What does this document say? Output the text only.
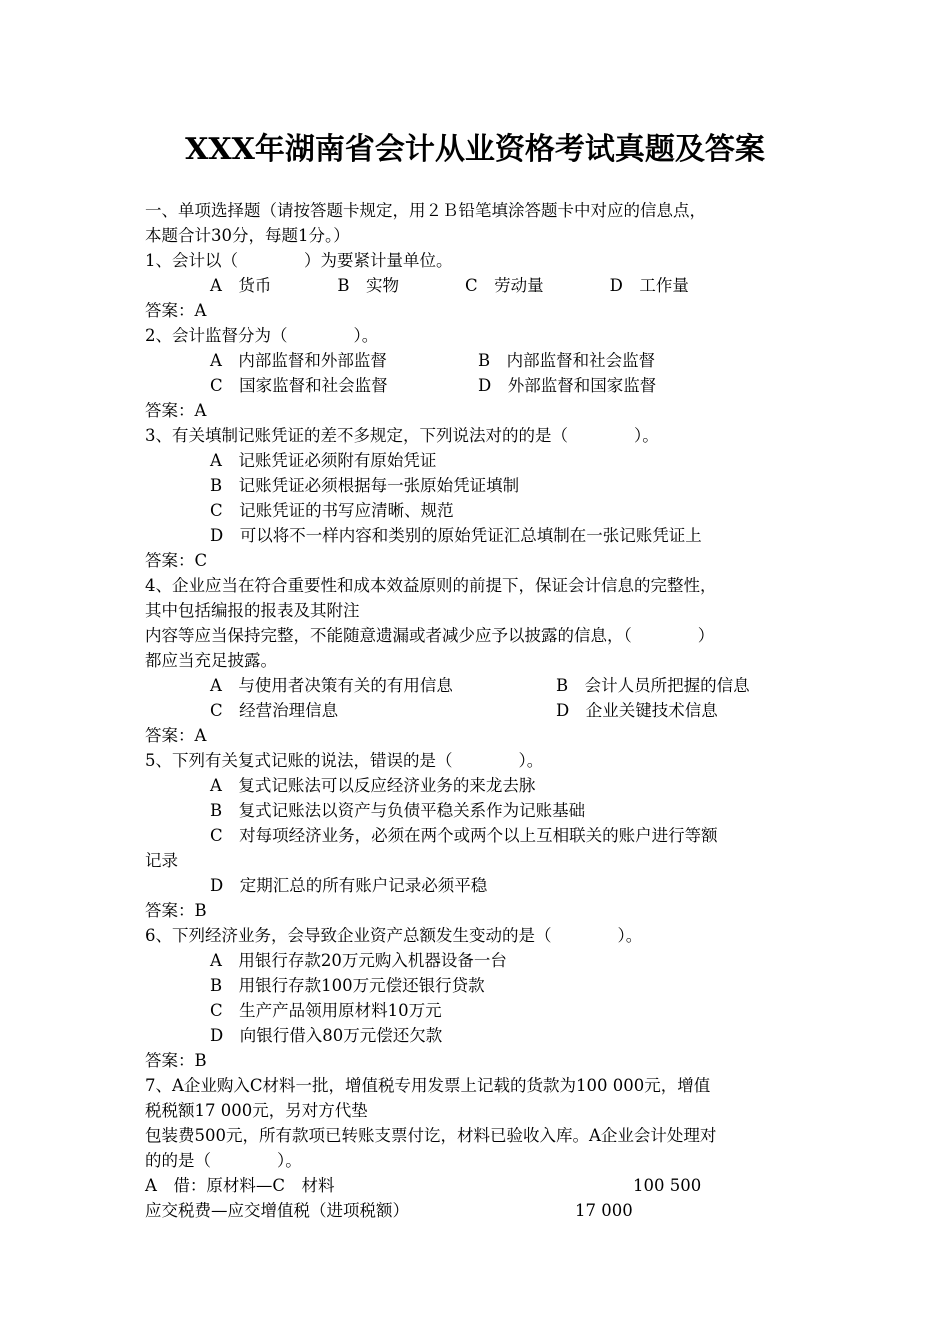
XXX年湖南省会计从业资格考试真题及答案
一、单项选择题（请按答题卡规定，用２Ｂ铅笔填涂答题卡中对应的信息点，
本题合计30分，每题1分。）
1、会计以（　　　　）为要紧计量单位。
A　货币　　　　B　实物　　　　C　劳动量　　　　D　工作量
答案：A
2、会计监督分为（　　　　）。
A　内部监督和外部监督	B　内部监督和社会监督
C　国家监督和社会监督	D　外部监督和国家监督
答案：A
3、有关填制记账凭证的差不多规定，下列说法对的的是（　　　　）。
A　记账凭证必须附有原始凭证
B　记账凭证必须根据每一张原始凭证填制
C　记账凭证的书写应清晰、规范
D　可以将不一样内容和类别的原始凭证汇总填制在一张记账凭证上
答案：C
4、企业应当在符合重要性和成本效益原则的前提下，保证会计信息的完整性，
其中包括编报的报表及其附注
内容等应当保持完整，不能随意遗漏或者减少应予以披露的信息，（　　　　）
都应当充足披露。
A　与使用者决策有关的有用信息	B　会计人员所把握的信息
C　经营治理信息	D　企业关键技术信息
答案：A
5、下列有关复式记账的说法，错误的是（　　　　）。
A　复式记账法可以反应经济业务的来龙去脉
B　复式记账法以资产与负债平稳关系作为记账基础
C　对每项经济业务，必须在两个或两个以上互相联关的账户进行等额
记录
D　定期汇总的所有账户记录必须平稳
答案：B
6、下列经济业务，会导致企业资产总额发生变动的是（　　　　）。
A　用银行存款20万元购入机器设备一台
B　用银行存款100万元偿还银行贷款
C　生产产品领用原材料10万元
D　向银行借入80万元偿还欠款
答案：B
7、A企业购入C材料一批，增值税专用发票上记载的货款为100 000元，增值
税税额17 000元，另对方代垫
包装费500元，所有款项已转账支票付讫，材料已验收入库。A企业会计处理对
的的是（　　　　）。
A　借：原材料—C　材料	100 500
应交税费—应交增值税（进项税额）	17 000
